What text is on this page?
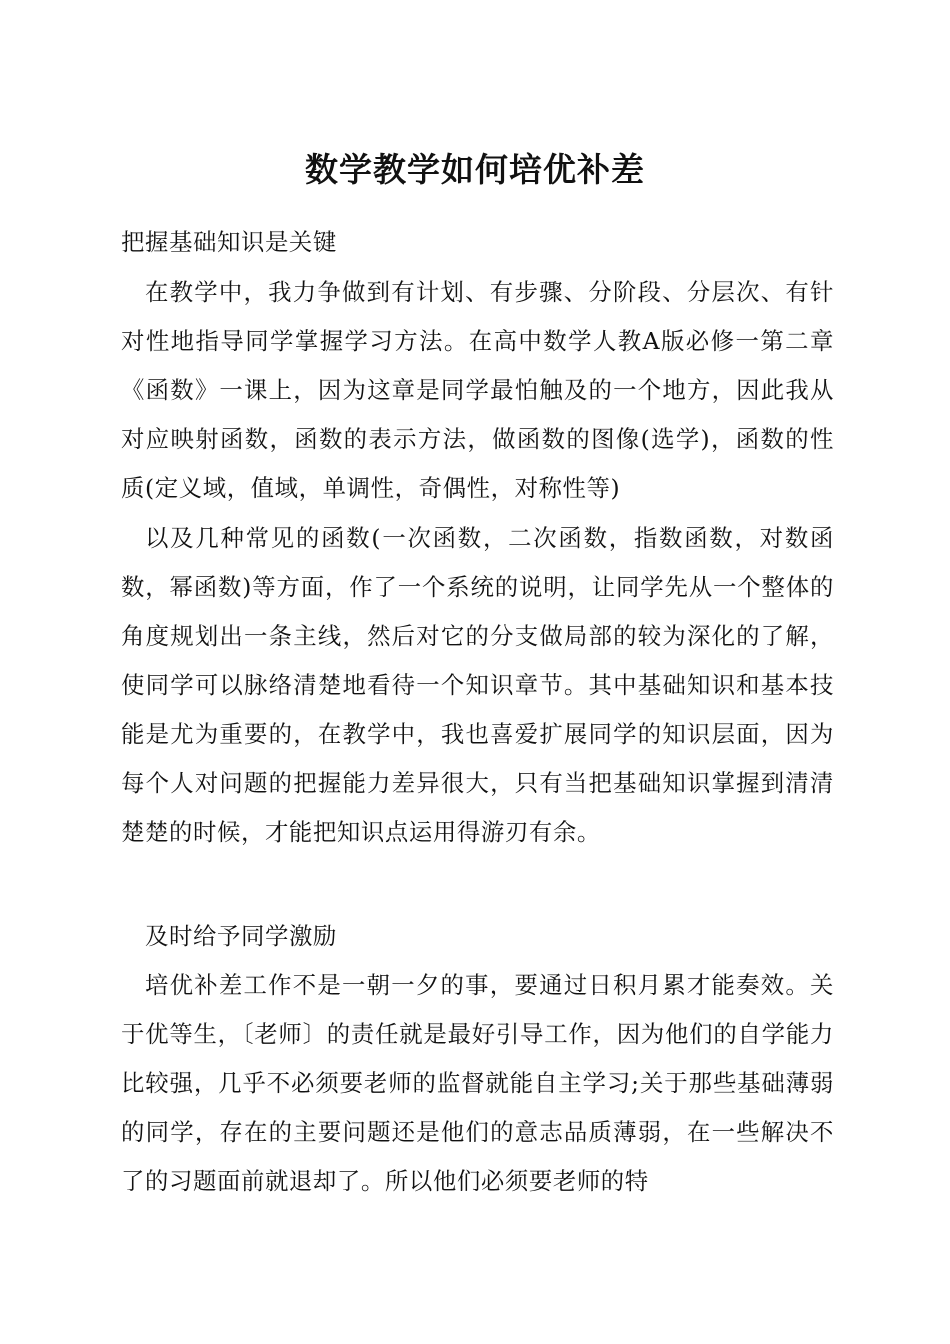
数学教学如何培优补差

把握基础知识是关键

在教学中，我力争做到有计划、有步骤、分阶段、分层次、有针对性地指导同学掌握学习方法。在高中数学人教A版必修一第二章《函数》一课上，因为这章是同学最怕触及的一个地方，因此我从对应映射函数，函数的表示方法，做函数的图像(选学)，函数的性质(定义域，值域，单调性，奇偶性，对称性等)

以及几种常见的函数(一次函数，二次函数，指数函数，对数函数，幂函数)等方面，作了一个系统的说明，让同学先从一个整体的角度规划出一条主线，然后对它的分支做局部的较为深化的了解，使同学可以脉络清楚地看待一个知识章节。其中基础知识和基本技能是尤为重要的，在教学中，我也喜爱扩展同学的知识层面，因为每个人对问题的把握能力差异很大，只有当把基础知识掌握到清清楚楚的时候，才能把知识点运用得游刃有余。

及时给予同学激励

培优补差工作不是一朝一夕的事，要通过日积月累才能奏效。关于优等生，〔老师〕的责任就是最好引导工作，因为他们的自学能力比较强，几乎不必须要老师的监督就能自主学习;关于那些基础薄弱的同学，存在的主要问题还是他们的意志品质薄弱，在一些解决不了的习题面前就退却了。所以他们必须要老师的特
